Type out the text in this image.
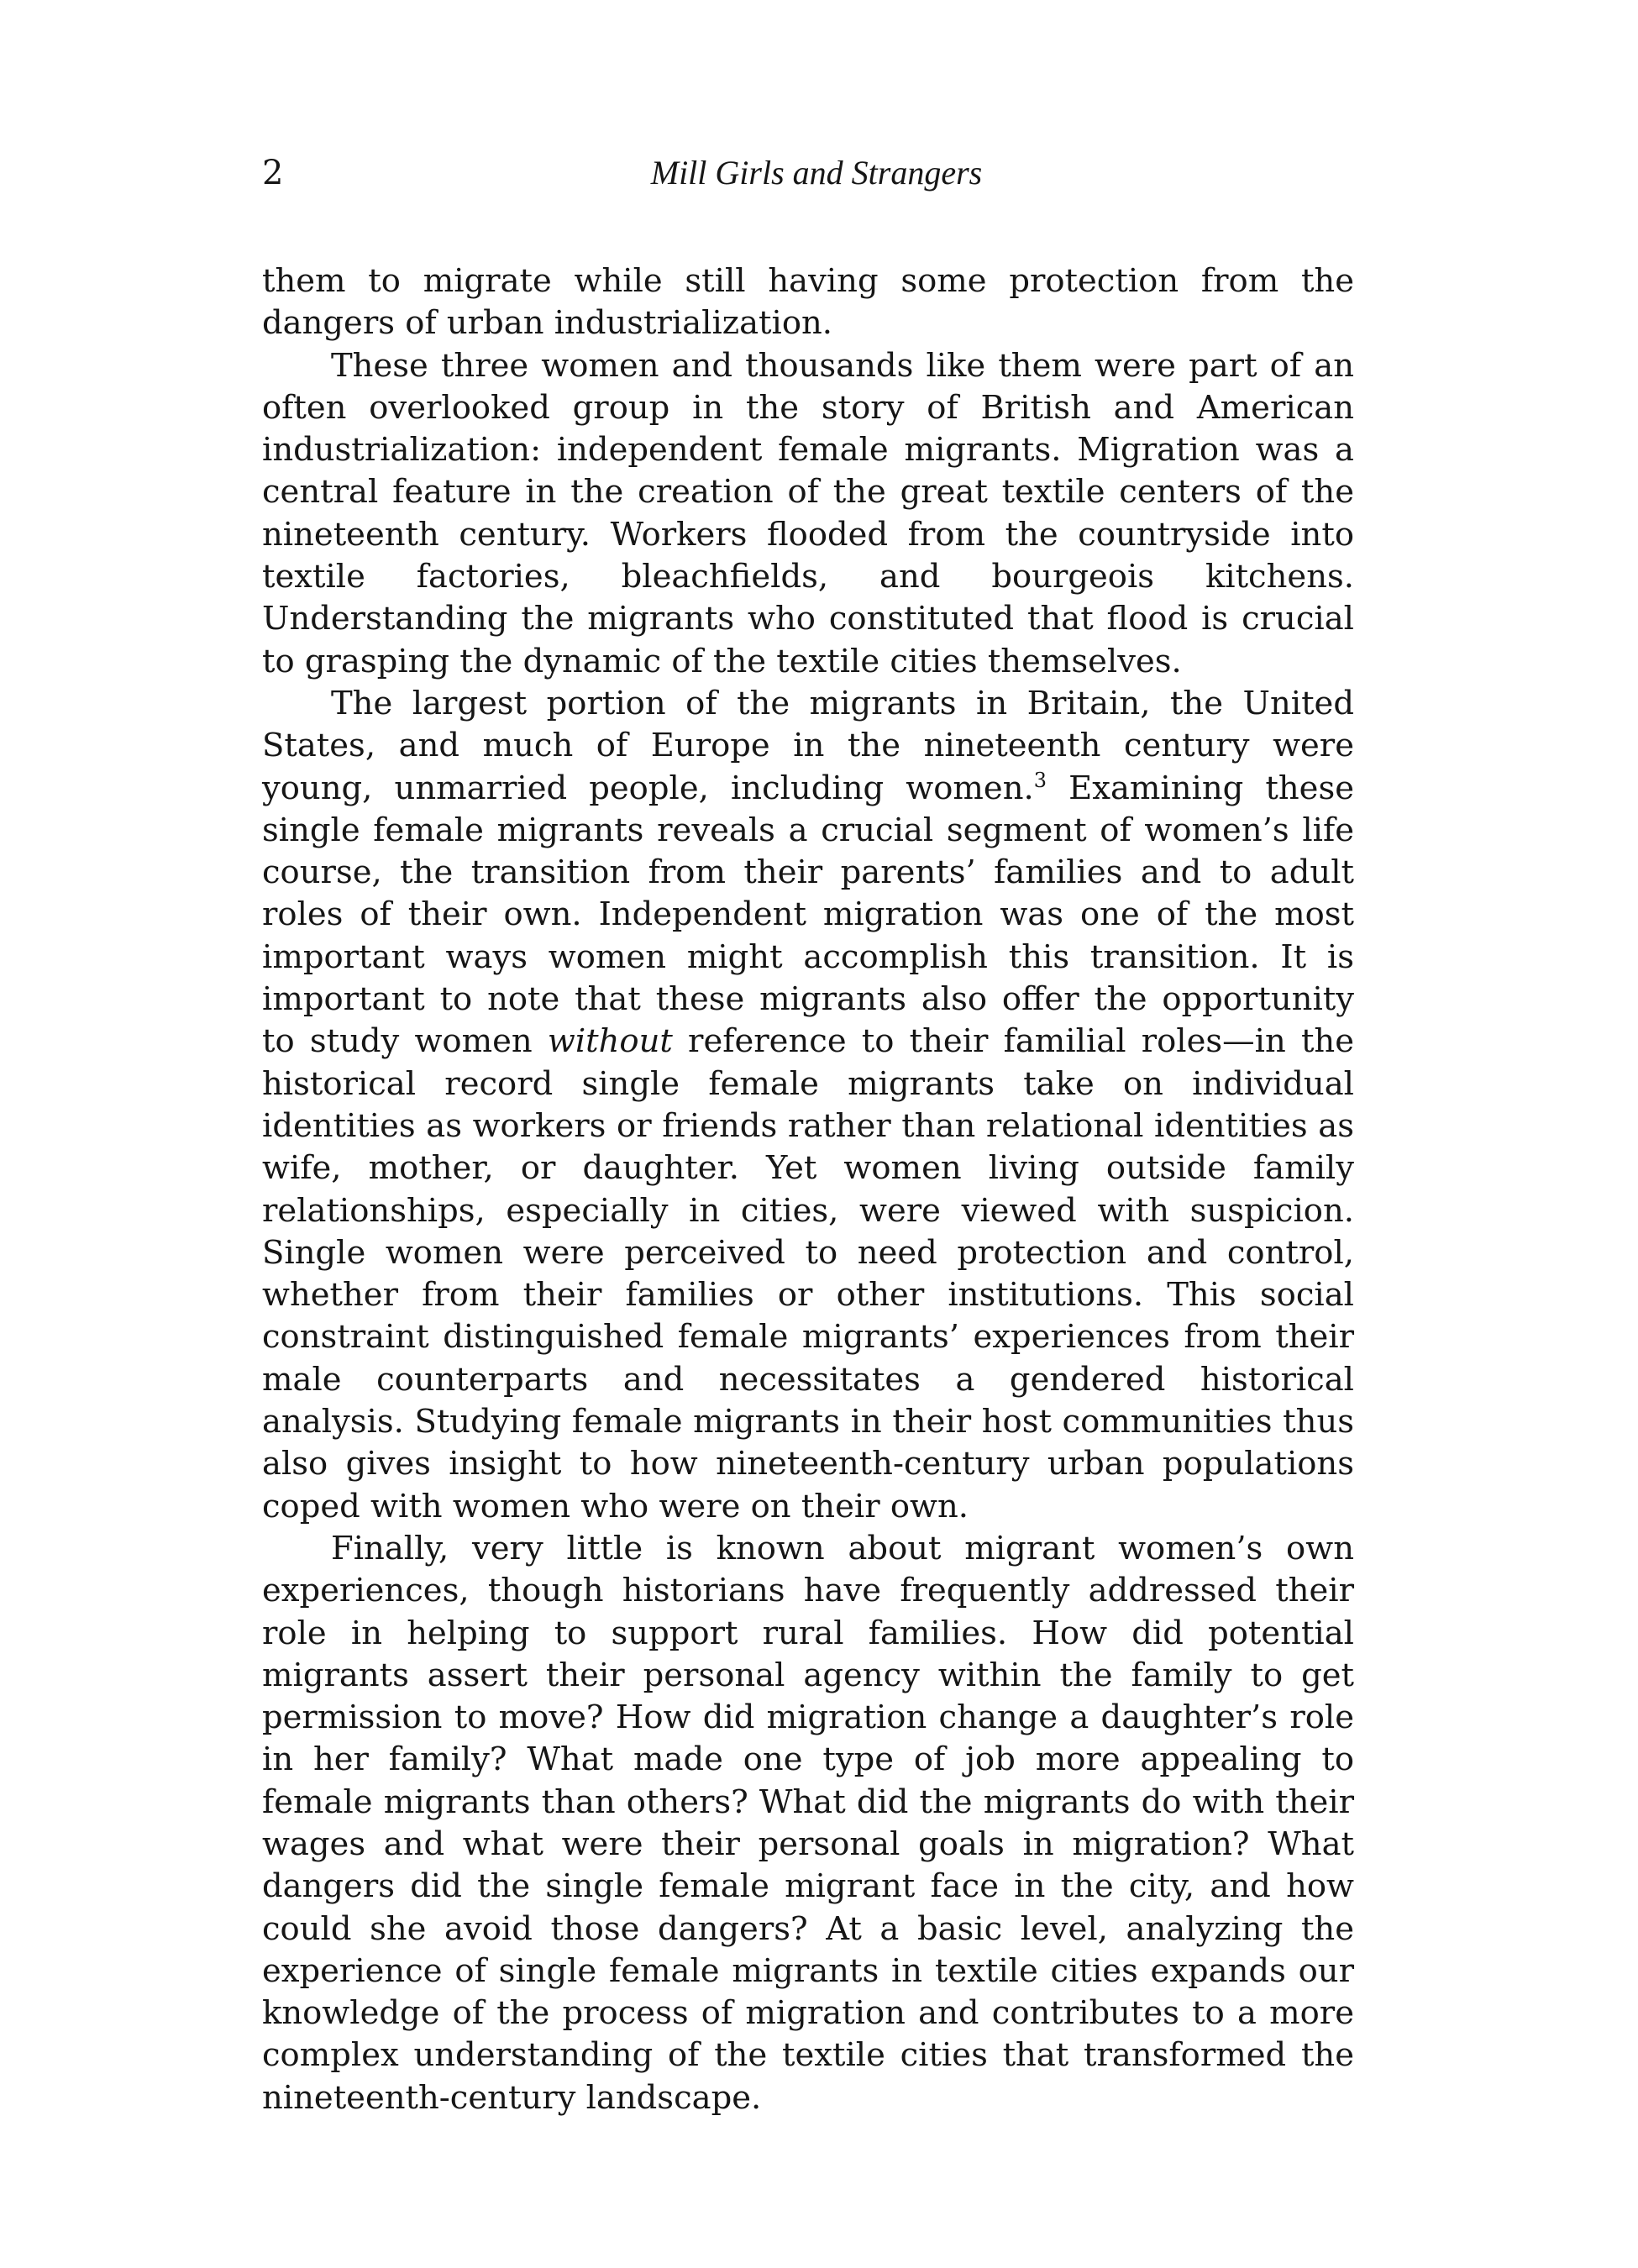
2	Mill Girls and Strangers

them to migrate while still having some protection from the dangers of urban industrialization.

These three women and thousands like them were part of an often overlooked group in the story of British and American industrialization: independent female migrants. Migration was a central feature in the creation of the great textile centers of the nineteenth century. Workers flooded from the countryside into textile factories, bleachfields, and bourgeois kitchens. Understanding the migrants who constituted that flood is crucial to grasping the dynamic of the textile cities themselves.

The largest portion of the migrants in Britain, the United States, and much of Europe in the nineteenth century were young, unmarried people, including women.$^3$ Examining these single female migrants reveals a crucial segment of women’s life course, the transition from their parents’ families and to adult roles of their own. Independent migration was one of the most important ways women might accomplish this transition. It is important to note that these migrants also offer the opportunity to study women without reference to their familial roles—in the historical record single female migrants take on individual identities as workers or friends rather than relational identities as wife, mother, or daughter. Yet women living outside family relationships, especially in cities, were viewed with suspicion. Single women were perceived to need protection and control, whether from their families or other institutions. This social constraint distinguished female migrants’ experiences from their male counterparts and necessitates a gendered historical analysis. Studying female migrants in their host communities thus also gives insight to how nineteenth-century urban populations coped with women who were on their own.

Finally, very little is known about migrant women’s own experiences, though historians have frequently addressed their role in helping to support rural families. How did potential migrants assert their personal agency within the family to get permission to move? How did migration change a daughter’s role in her family? What made one type of job more appealing to female migrants than others? What did the migrants do with their wages and what were their personal goals in migration? What dangers did the single female migrant face in the city, and how could she avoid those dangers? At a basic level, analyzing the experience of single female migrants in textile cities expands our knowledge of the process of migration and contributes to a more complex understanding of the textile cities that transformed the nineteenth-century landscape.
